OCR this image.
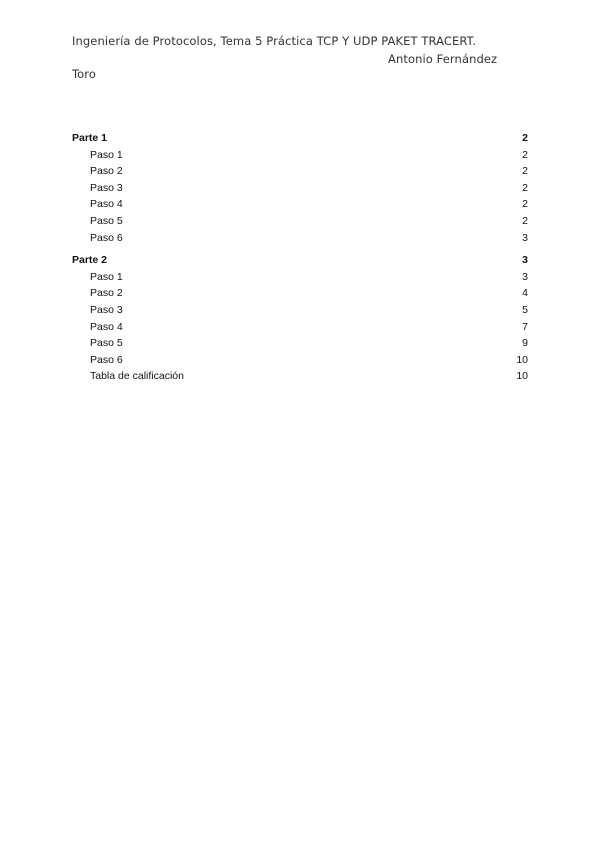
Ingeniería de Protocolos, Tema 5 Práctica TCP Y UDP PAKET TRACERT.
Antonio Fernández
Toro
Parte 1	2
Paso 1	2
Paso 2	2
Paso 3	2
Paso 4	2
Paso 5	2
Paso 6	3
Parte 2	3
Paso 1	3
Paso 2	4
Paso 3	5
Paso 4	7
Paso 5	9
Paso 6	10
Tabla de calificación	10
